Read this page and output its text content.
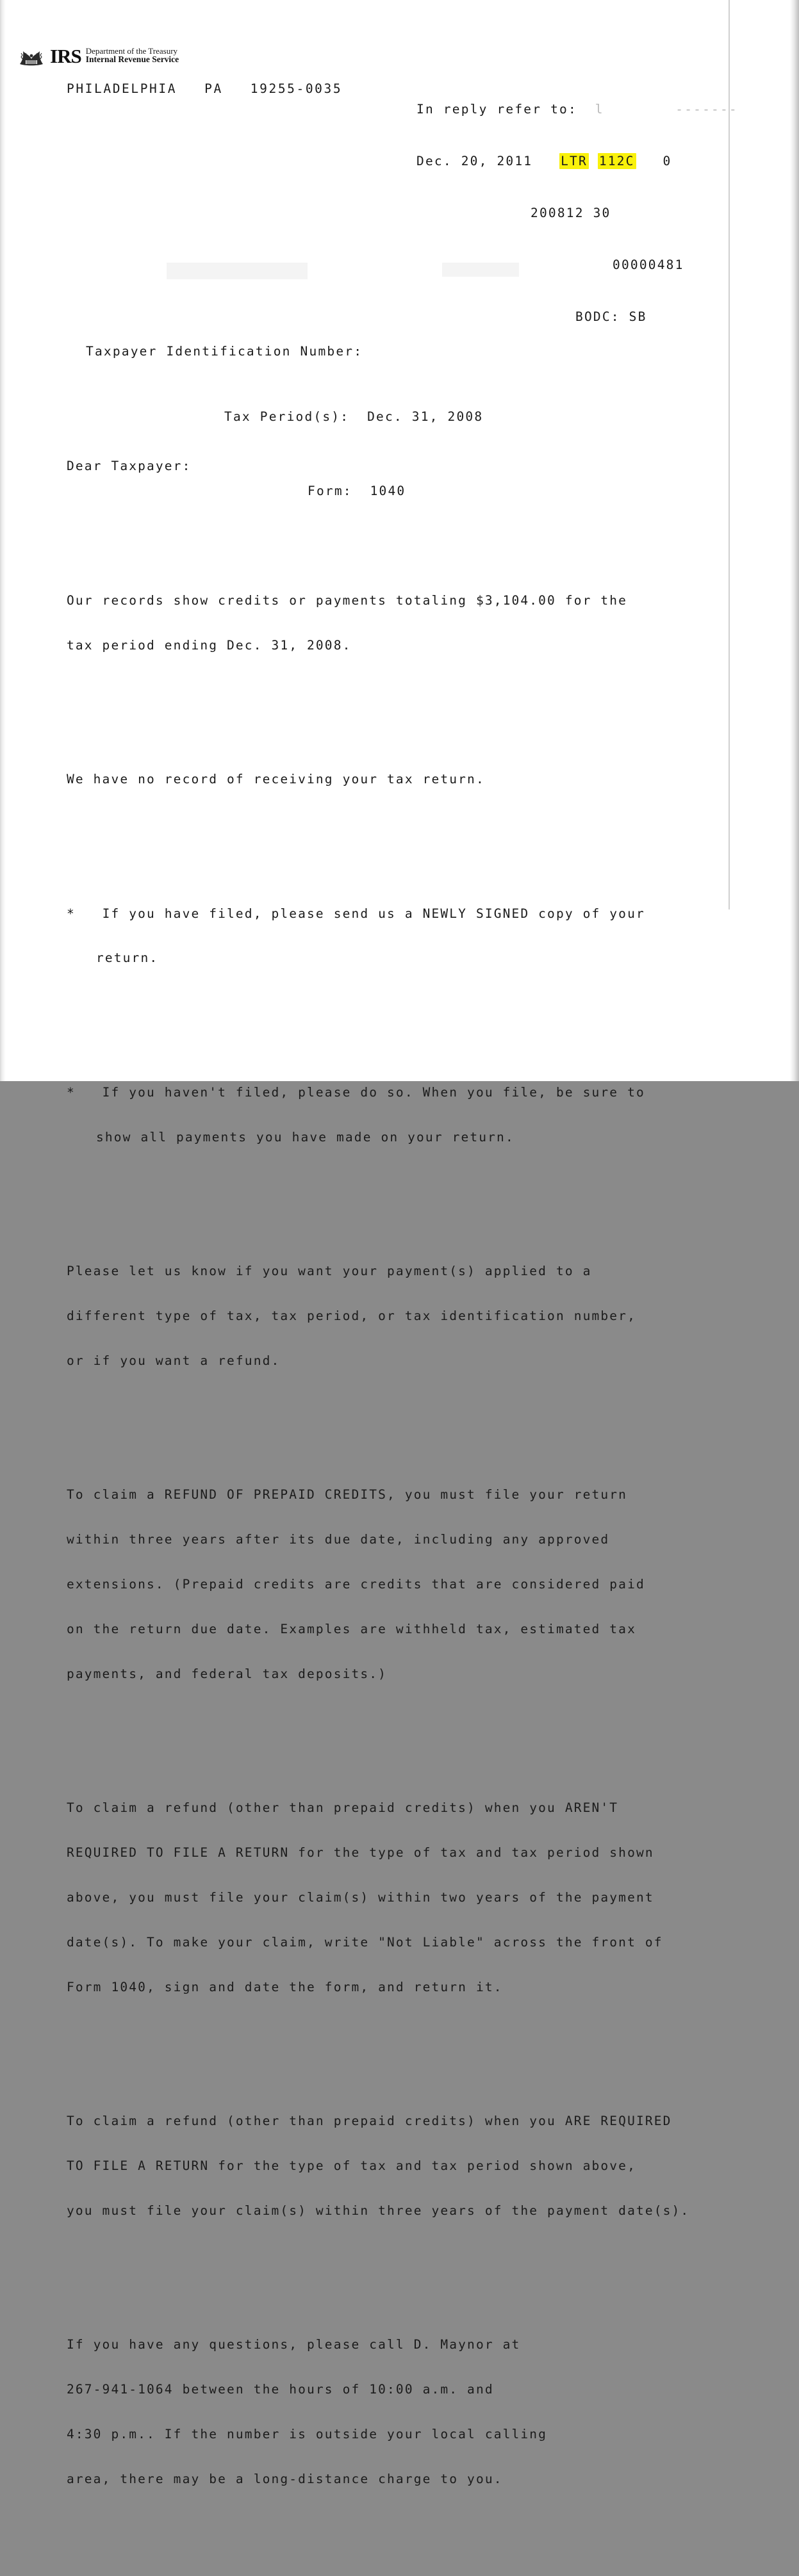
IRS Department of the Treasury
Internal Revenue Service
PHILADELPHIA   PA   19255-0035

In reply refer to:  l        -------

Dec. 20, 2011 LTR 112C 0

200812 30

00000481

BODC: SB

Taxpayer Identification Number:

Tax Period(s): Dec. 31, 2008

Form: 1040

Dear Taxpayer:

Our records show credits or payments totaling $3,104.00 for the

tax period ending Dec. 31, 2008.

We have no record of receiving your tax return.

* If you have filed, please send us a NEWLY SIGNED copy of your

return.

* If you haven't filed, please do so. When you file, be sure to

show all payments you have made on your return.

Please let us know if you want your payment(s) applied to a

different type of tax, tax period, or tax identification number,

or if you want a refund.

To claim a REFUND OF PREPAID CREDITS, you must file your return

within three years after its due date, including any approved

extensions. (Prepaid credits are credits that are considered paid

on the return due date. Examples are withheld tax, estimated tax

payments, and federal tax deposits.)

To claim a refund (other than prepaid credits) when you AREN'T

REQUIRED TO FILE A RETURN for the type of tax and tax period shown

above, you must file your claim(s) within two years of the payment

date(s). To make your claim, write "Not Liable" across the front of

Form 1040, sign and date the form, and return it.

To claim a refund (other than prepaid credits) when you ARE REQUIRED

TO FILE A RETURN for the type of tax and tax period shown above,

you must file your claim(s) within three years of the payment date(s).

If you have any questions, please call D. Maynor at

267-941-1064 between the hours of 10:00 a.m. and

4:30 p.m.. If the number is outside your local calling

area, there may be a long-distance charge to you.
